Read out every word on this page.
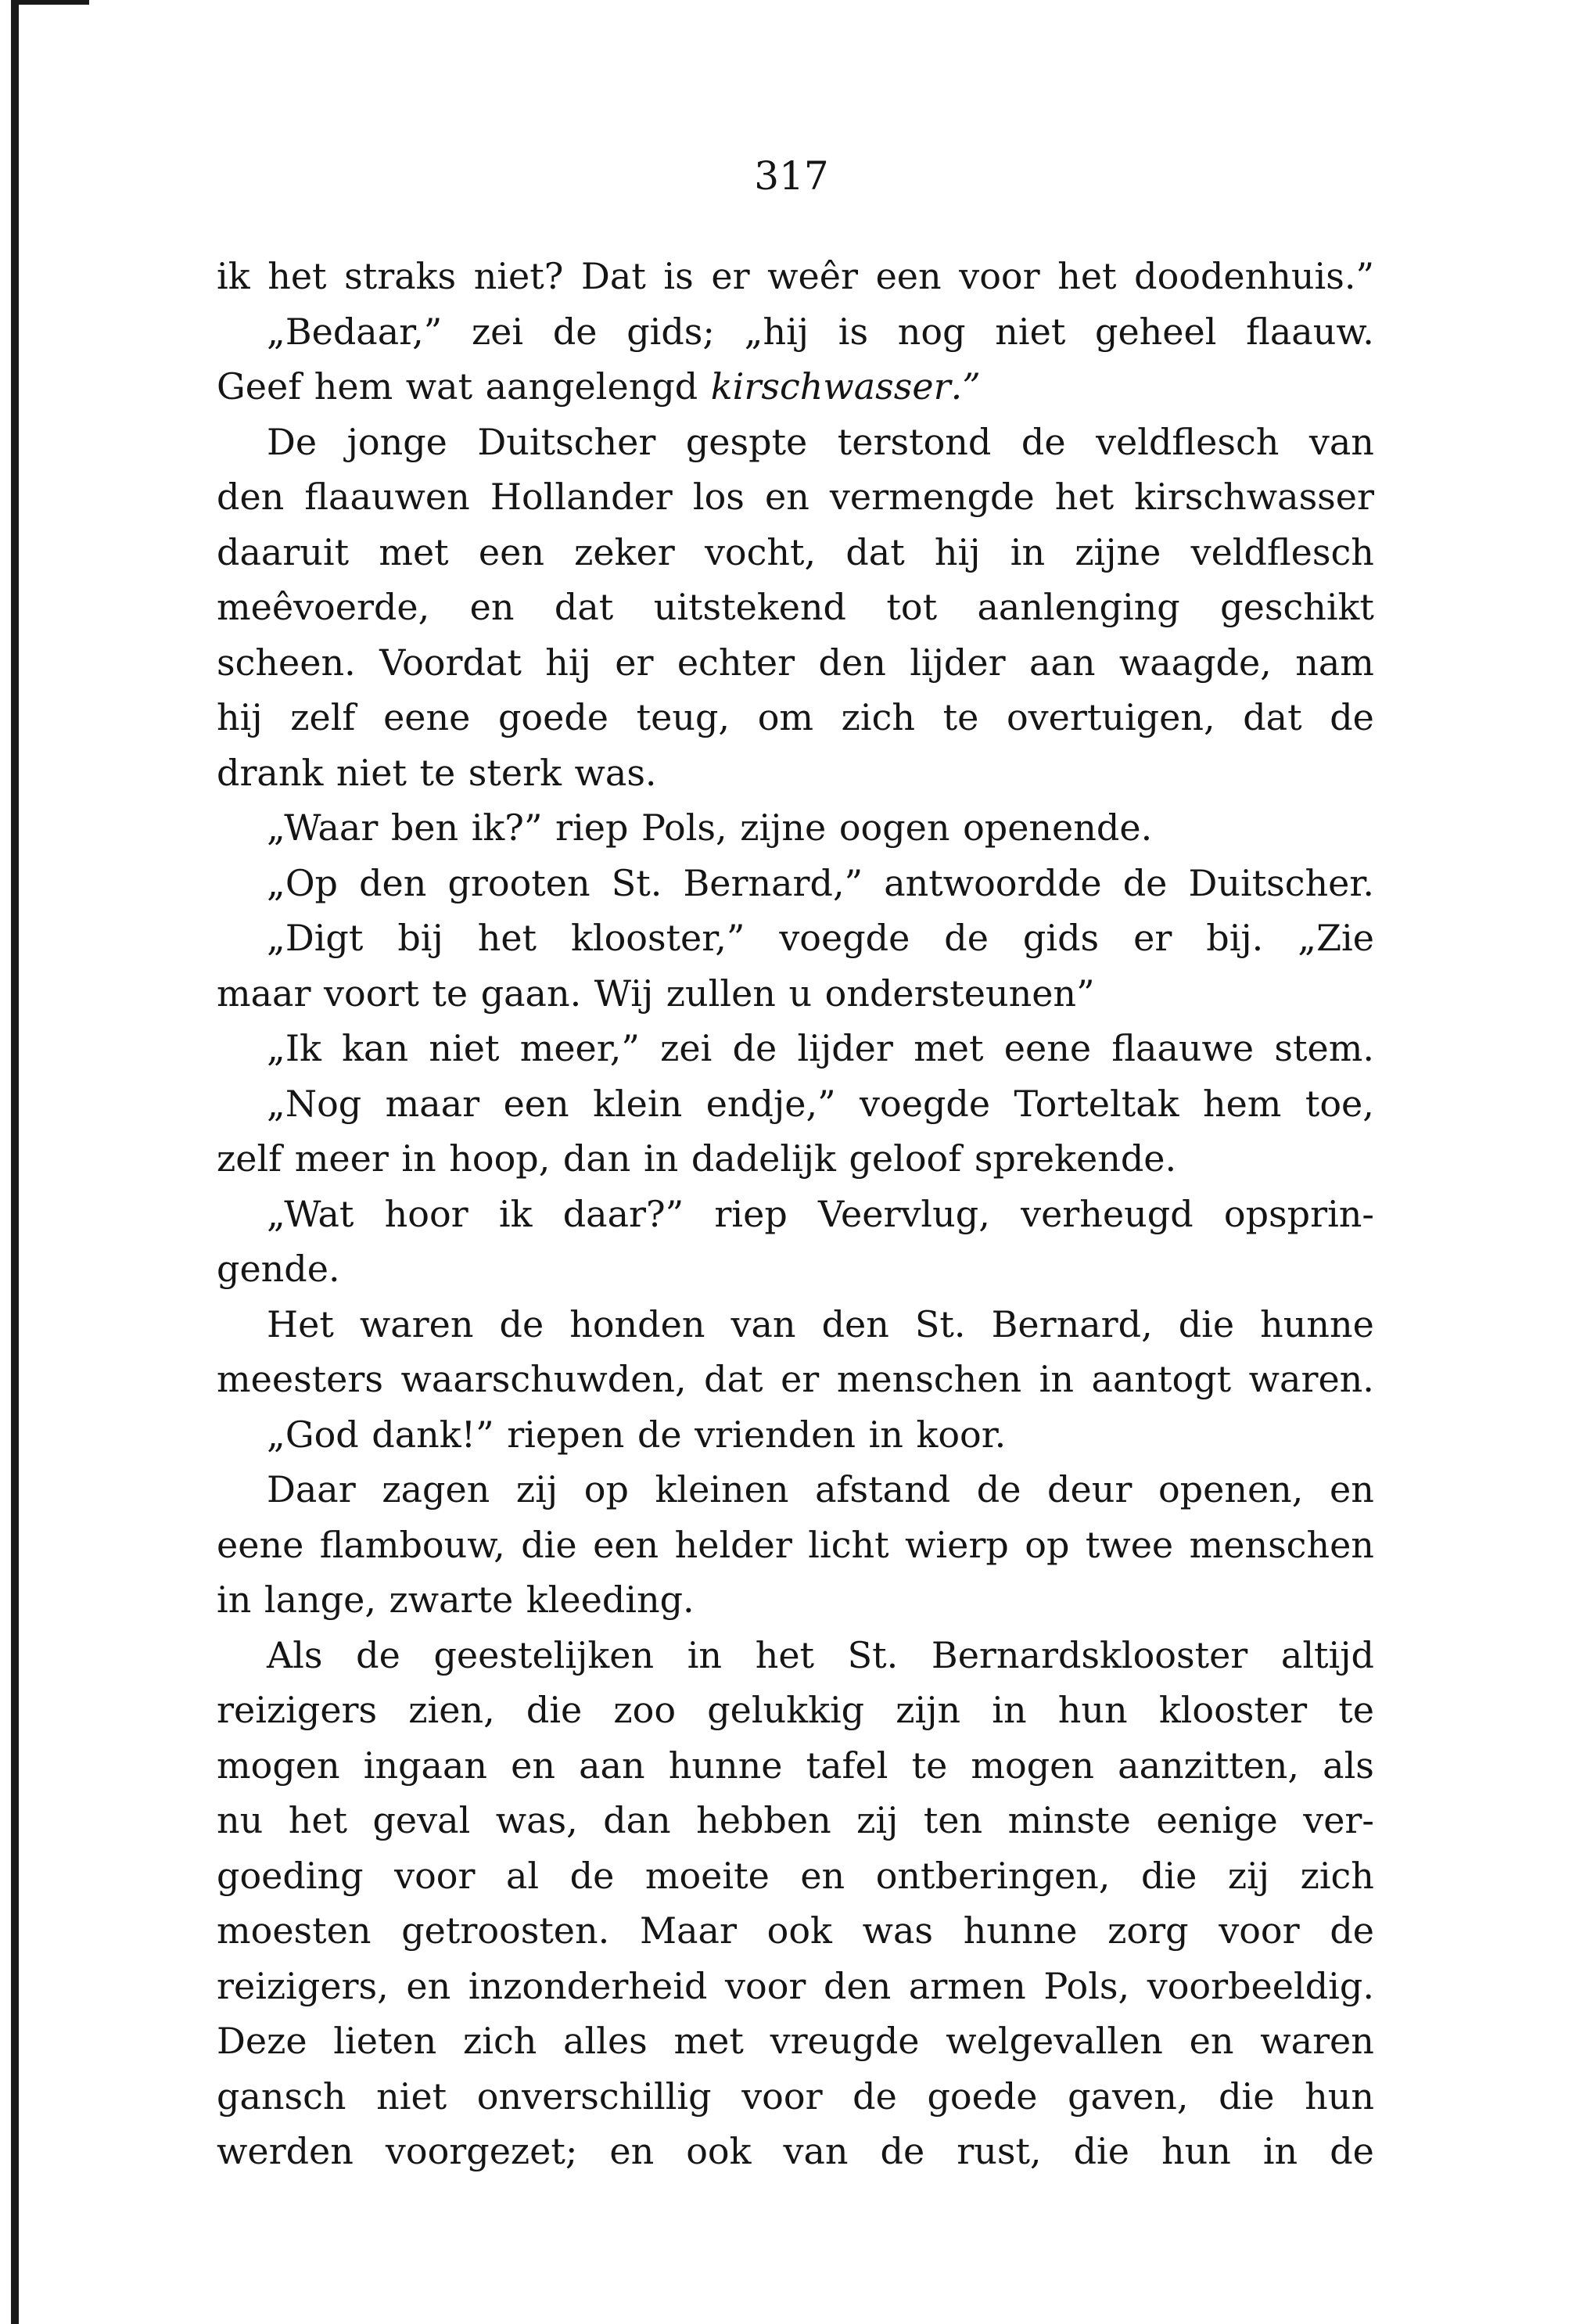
317
ik het straks niet? Dat is er weêr een voor het doodenhuis.”
„Bedaar,” zei de gids; „hij is nog niet geheel flaauw.
Geef hem wat aangelengd kirschwasser.”
De jonge Duitscher gespte terstond de veldflesch van
den flaauwen Hollander los en vermengde het kirschwasser
daaruit met een zeker vocht, dat hij in zijne veldflesch
meêvoerde, en dat uitstekend tot aanlenging geschikt
scheen. Voordat hij er echter den lijder aan waagde, nam
hij zelf eene goede teug, om zich te overtuigen, dat de
drank niet te sterk was.
„Waar ben ik?” riep Pols, zijne oogen openende.
„Op den grooten St. Bernard,” antwoordde de Duitscher.
„Digt bij het klooster,” voegde de gids er bij. „Zie
maar voort te gaan. Wij zullen u ondersteunen”
„Ik kan niet meer,” zei de lijder met eene flaauwe stem.
„Nog maar een klein endje,” voegde Torteltak hem toe,
zelf meer in hoop, dan in dadelijk geloof sprekende.
„Wat hoor ik daar?” riep Veervlug, verheugd opsprin-
gende.
Het waren de honden van den St. Bernard, die hunne
meesters waarschuwden, dat er menschen in aantogt waren.
„God dank!” riepen de vrienden in koor.
Daar zagen zij op kleinen afstand de deur openen, en
eene flambouw, die een helder licht wierp op twee menschen
in lange, zwarte kleeding.
Als de geestelijken in het St. Bernardsklooster altijd
reizigers zien, die zoo gelukkig zijn in hun klooster te
mogen ingaan en aan hunne tafel te mogen aanzitten, als
nu het geval was, dan hebben zij ten minste eenige ver-
goeding voor al de moeite en ontberingen, die zij zich
moesten getroosten. Maar ook was hunne zorg voor de
reizigers, en inzonderheid voor den armen Pols, voorbeeldig.
Deze lieten zich alles met vreugde welgevallen en waren
gansch niet onverschillig voor de goede gaven, die hun
werden voorgezet; en ook van de rust, die hun in de
